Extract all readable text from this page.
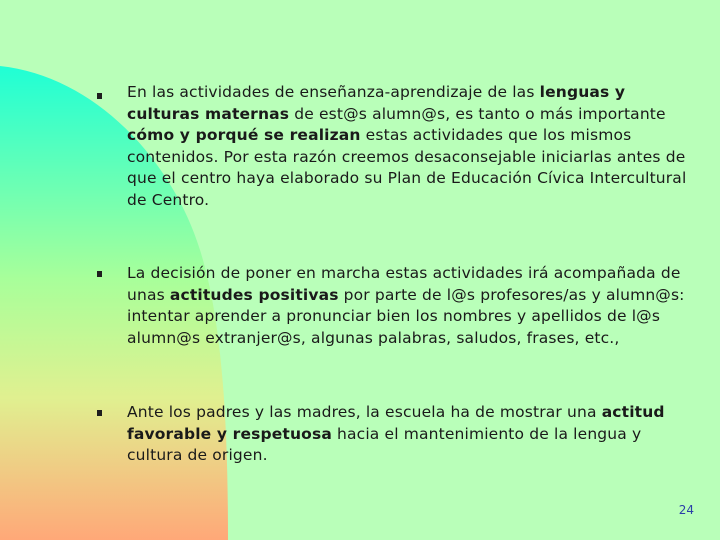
En las actividades de enseñanza-aprendizaje de las lenguas y culturas maternas de est@s alumn@s, es tanto o más importante cómo y porqué se realizan estas actividades que los mismos contenidos. Por esta razón creemos desaconsejable iniciarlas antes de que el centro haya elaborado su Plan de Educación Cívica Intercultural de Centro.
La decisión de poner en marcha estas actividades irá acompañada de unas actitudes positivas por parte de l@s profesores/as y alumn@s: intentar aprender a pronunciar bien los nombres y apellidos de l@s alumn@s extranjer@s, algunas palabras, saludos, frases, etc.,
Ante los padres y las madres, la escuela ha de mostrar una actitud favorable y respetuosa hacia el mantenimiento de la lengua y cultura de origen.
24
